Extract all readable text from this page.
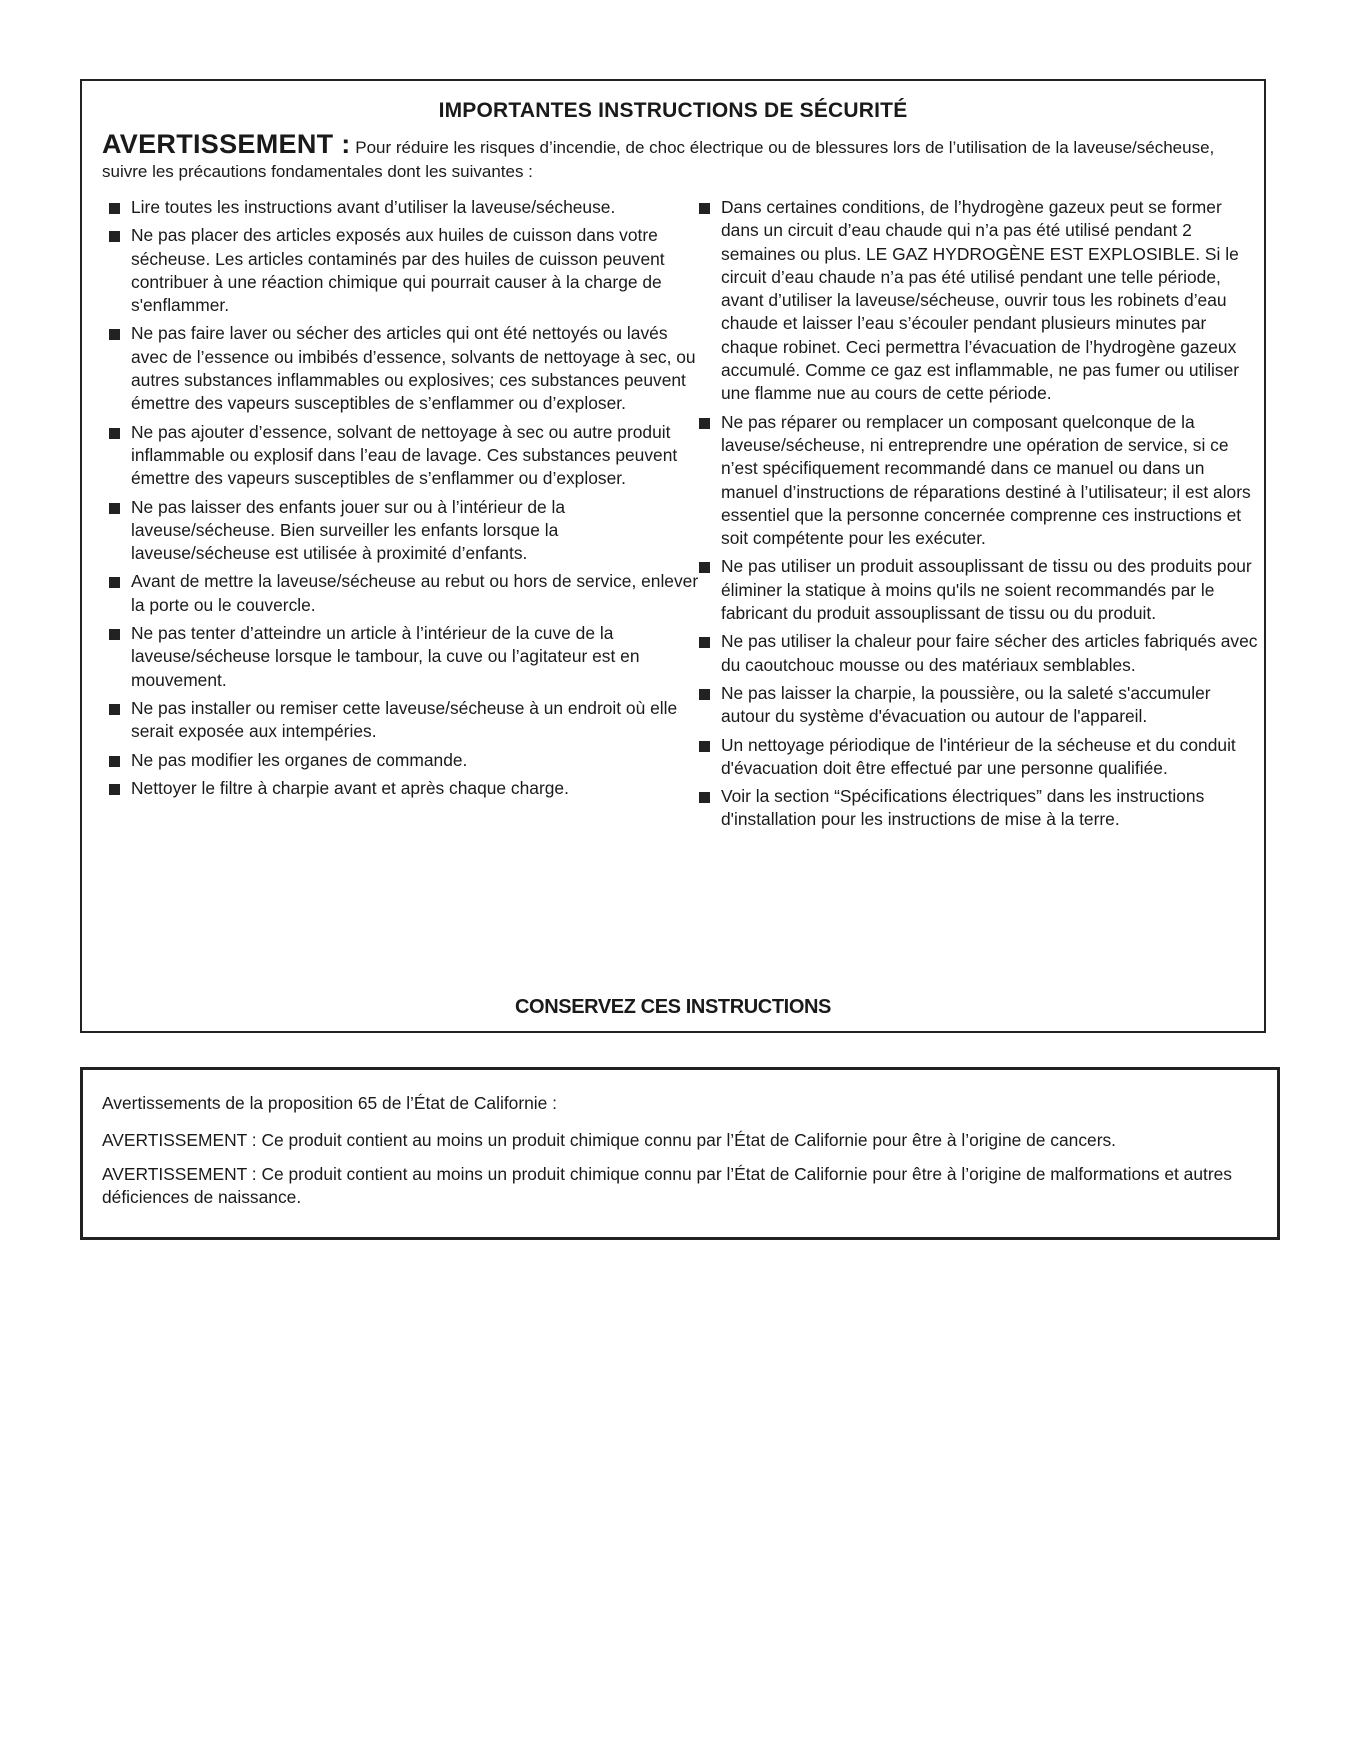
IMPORTANTES INSTRUCTIONS DE SÉCURITÉ
AVERTISSEMENT : Pour réduire les risques d’incendie, de choc électrique ou de blessures lors de l’utilisation de la laveuse/sécheuse, suivre les précautions fondamentales dont les suivantes :
Lire toutes les instructions avant d’utiliser la laveuse/sécheuse.
Ne pas placer des articles exposés aux huiles de cuisson dans votre sécheuse. Les articles contaminés par des huiles de cuisson peuvent contribuer à une réaction chimique qui pourrait causer à la charge de s'enflammer.
Ne pas faire laver ou sécher des articles qui ont été nettoyés ou lavés avec de l’essence ou imbibés d’essence, solvants de nettoyage à sec, ou autres substances inflammables ou explosives; ces substances peuvent émettre des vapeurs susceptibles de s’enflammer ou d’exploser.
Ne pas ajouter d’essence, solvant de nettoyage à sec ou autre produit inflammable ou explosif dans l’eau de lavage. Ces substances peuvent émettre des vapeurs susceptibles de s’enflammer ou d’exploser.
Ne pas laisser des enfants jouer sur ou à l’intérieur de la laveuse/sécheuse. Bien surveiller les enfants lorsque la laveuse/sécheuse est utilisée à proximité d’enfants.
Avant de mettre la laveuse/sécheuse au rebut ou hors de service, enlever la porte ou le couvercle.
Ne pas tenter d’atteindre un article à l’intérieur de la cuve de la laveuse/sécheuse lorsque le tambour, la cuve ou l’agitateur est en mouvement.
Ne pas installer ou remiser cette laveuse/sécheuse à un endroit où elle serait exposée aux intempéries.
Ne pas modifier les organes de commande.
Nettoyer le filtre à charpie avant et après chaque charge.
Dans certaines conditions, de l’hydrogène gazeux peut se former dans un circuit d’eau chaude qui n’a pas été utilisé pendant 2 semaines ou plus. LE GAZ HYDROGÈNE EST EXPLOSIBLE. Si le circuit d’eau chaude n’a pas été utilisé pendant une telle période, avant d’utiliser la laveuse/sécheuse, ouvrir tous les robinets d’eau chaude et laisser l’eau s’écouler pendant plusieurs minutes par chaque robinet. Ceci permettra l’évacuation de l’hydrogène gazeux accumulé. Comme ce gaz est inflammable, ne pas fumer ou utiliser une flamme nue au cours de cette période.
Ne pas réparer ou remplacer un composant quelconque de la laveuse/sécheuse, ni entreprendre une opération de service, si ce n’est spécifiquement recommandé dans ce manuel ou dans un manuel d’instructions de réparations destiné à l’utilisateur; il est alors essentiel que la personne concernée comprenne ces instructions et soit compétente pour les exécuter.
Ne pas utiliser un produit assouplissant de tissu ou des produits pour éliminer la statique à moins qu'ils ne soient recommandés par le fabricant du produit assouplissant de tissu ou du produit.
Ne pas utiliser la chaleur pour faire sécher des articles fabriqués avec du caoutchouc mousse ou des matériaux semblables.
Ne pas laisser la charpie, la poussière, ou la saleté s'accumuler autour du système d'évacuation ou autour de l'appareil.
Un nettoyage périodique de l'intérieur de la sécheuse et du conduit d'évacuation doit être effectué par une personne qualifiée.
Voir la section “Spécifications électriques” dans les instructions d'installation pour les instructions de mise à la terre.
CONSERVEZ CES INSTRUCTIONS

Avertissements de la proposition 65 de l’État de Californie :

AVERTISSEMENT : Ce produit contient au moins un produit chimique connu par l’État de Californie pour être à l’origine de cancers.

AVERTISSEMENT : Ce produit contient au moins un produit chimique connu par l’État de Californie pour être à l’origine de malformations et autres déficiences de naissance.
